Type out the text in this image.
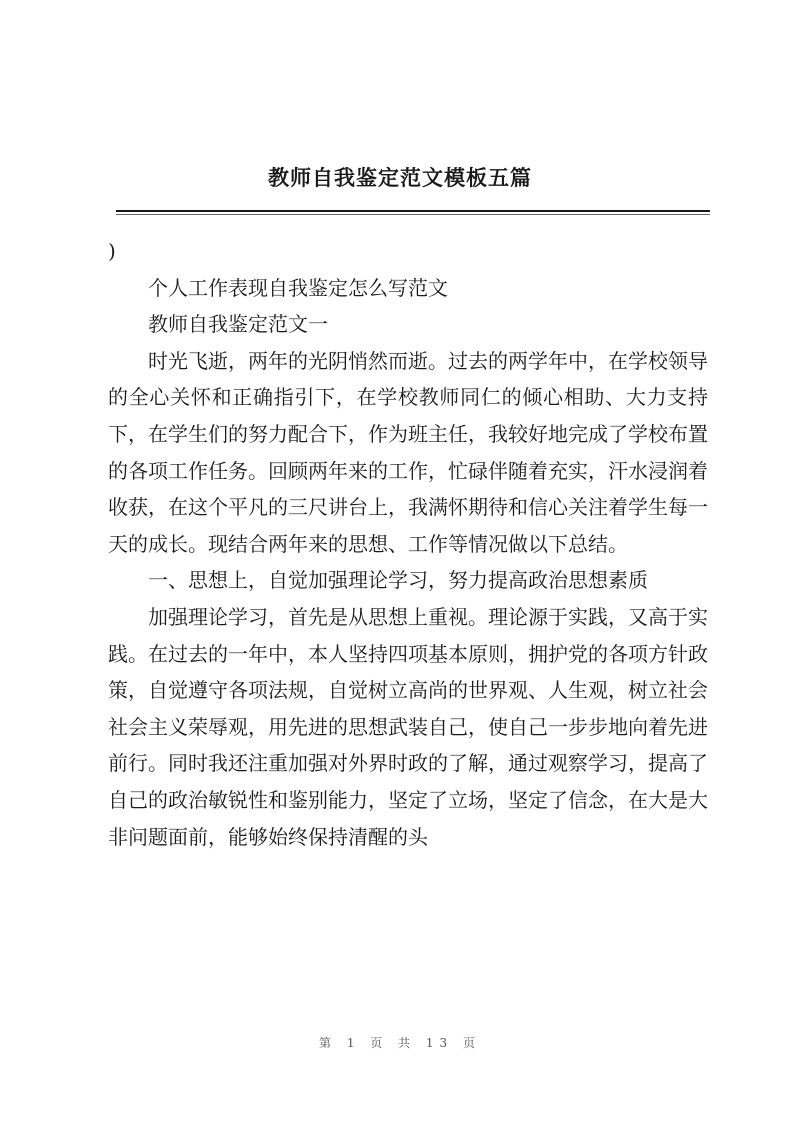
教师自我鉴定范文模板五篇

)

个人工作表现自我鉴定怎么写范文

教师自我鉴定范文一

时光飞逝，两年的光阴悄然而逝。过去的两学年中，在学校领导的全心关怀和正确指引下，在学校教师同仁的倾心相助、大力支持下，在学生们的努力配合下，作为班主任，我较好地完成了学校布置的各项工作任务。回顾两年来的工作，忙碌伴随着充实，汗水浸润着收获，在这个平凡的三尺讲台上，我满怀期待和信心关注着学生每一天的成长。现结合两年来的思想、工作等情况做以下总结。

一、思想上，自觉加强理论学习，努力提高政治思想素质

加强理论学习，首先是从思想上重视。理论源于实践，又高于实践。在过去的一年中，本人坚持四项基本原则，拥护党的各项方针政策，自觉遵守各项法规，自觉树立高尚的世界观、人生观，树立社会社会主义荣辱观，用先进的思想武装自己，使自己一步步地向着先进前行。同时我还注重加强对外界时政的了解，通过观察学习，提高了自己的政治敏锐性和鉴别能力，坚定了立场，坚定了信念，在大是大非问题面前，能够始终保持清醒的头

第 1 页 共 13 页
